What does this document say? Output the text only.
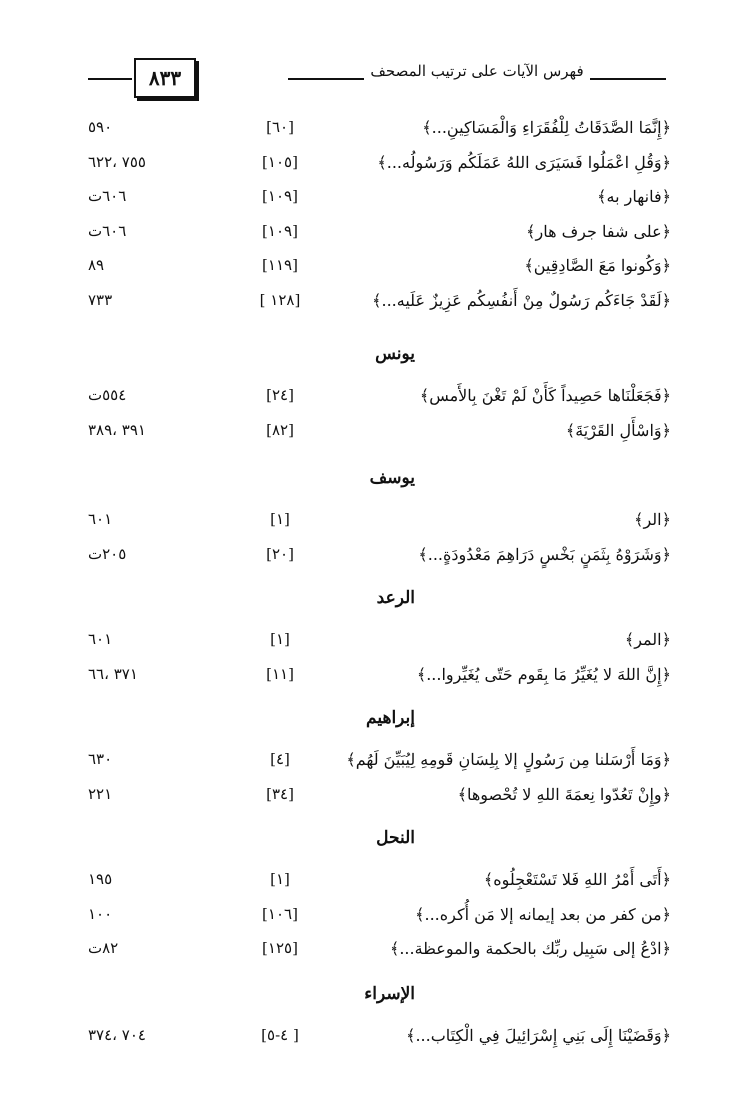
٨٣٣	فهرس الآيات على ترتيب المصحف
﴿إِنَّمَا الصَّدَقَاتُ لِلْفُقَرَاءِ وَالْمَسَاكِينِ...﴾
[٦٠]
٥٩٠
﴿وَقُلِ اعْمَلُوا فَسَيَرَى اللهُ عَمَلَكُم وَرَسُولُه...﴾
[١٠٥]
٧٥٥ ،٦٢٢
﴿فانهار به﴾
[١٠٩]
٦٠٦ت
﴿على شفا جرف هار﴾
[١٠٩]
٦٠٦ت
﴿وَكُونوا مَعَ الصَّادِقِين﴾
[١١٩]
٨٩
﴿لَقَدْ جَاءَكُم رَسُولٌ مِنْ أَنفُسِكُم عَزِيزٌ عَلَيه...﴾
[١٢٨ ]
٧٣٣
يونس
﴿فَجَعَلْنَاها حَصِيداً كَأَنْ لَمْ تَغْنَ بِالأَمس﴾
[٢٤]
٥٥٤ت
﴿وَاسْأَلِ القَرْيَةَ﴾
[٨٢]
٣٩١ ،٣٨٩
يوسف
﴿الر﴾
[١]
٦٠١
﴿وَشَرَوْهُ بِثَمَنٍ بَخْسٍ دَرَاهِمَ مَعْدُودَةٍ...﴾
[٢٠]
٢٠٥ت
الرعد
﴿المر﴾
[١]
٦٠١
﴿إِنَّ اللهَ لا يُغَيِّرُ مَا بِقَوم حَتّى يُغَيِّروا...﴾
[١١]
٣٧١ ،٦٦
إبراهيم
﴿وَمَا أَرْسَلنا مِن رَسُولٍ إلا بِلِسَانِ قَومِهِ لِيُبَيِّنَ لَهُم﴾
[٤]
٦٣٠
﴿وإِنْ تَعُدّوا نِعمَةَ اللهِ لا تُحْصوها﴾
[٣٤]
٢٢١
النحل
﴿أَتَى أَمْرُ اللهِ فَلا تَسْتَعْجِلُوه﴾
[١]
١٩٥
﴿من كفر من بعد إيمانه إلا مَن أُكره...﴾
[١٠٦]
١٠٠
﴿ادْعُ إلى سَبِيل ربِّك بالحكمة والموعظة...﴾
[١٢٥]
٨٢ت
الإسراء
﴿وَقَضَيْنَا إِلَى بَنِي إِسْرَائِيلَ فِي الْكِتَاب...﴾
[ ٤-٥]
٧٠٤ ،٣٧٤
